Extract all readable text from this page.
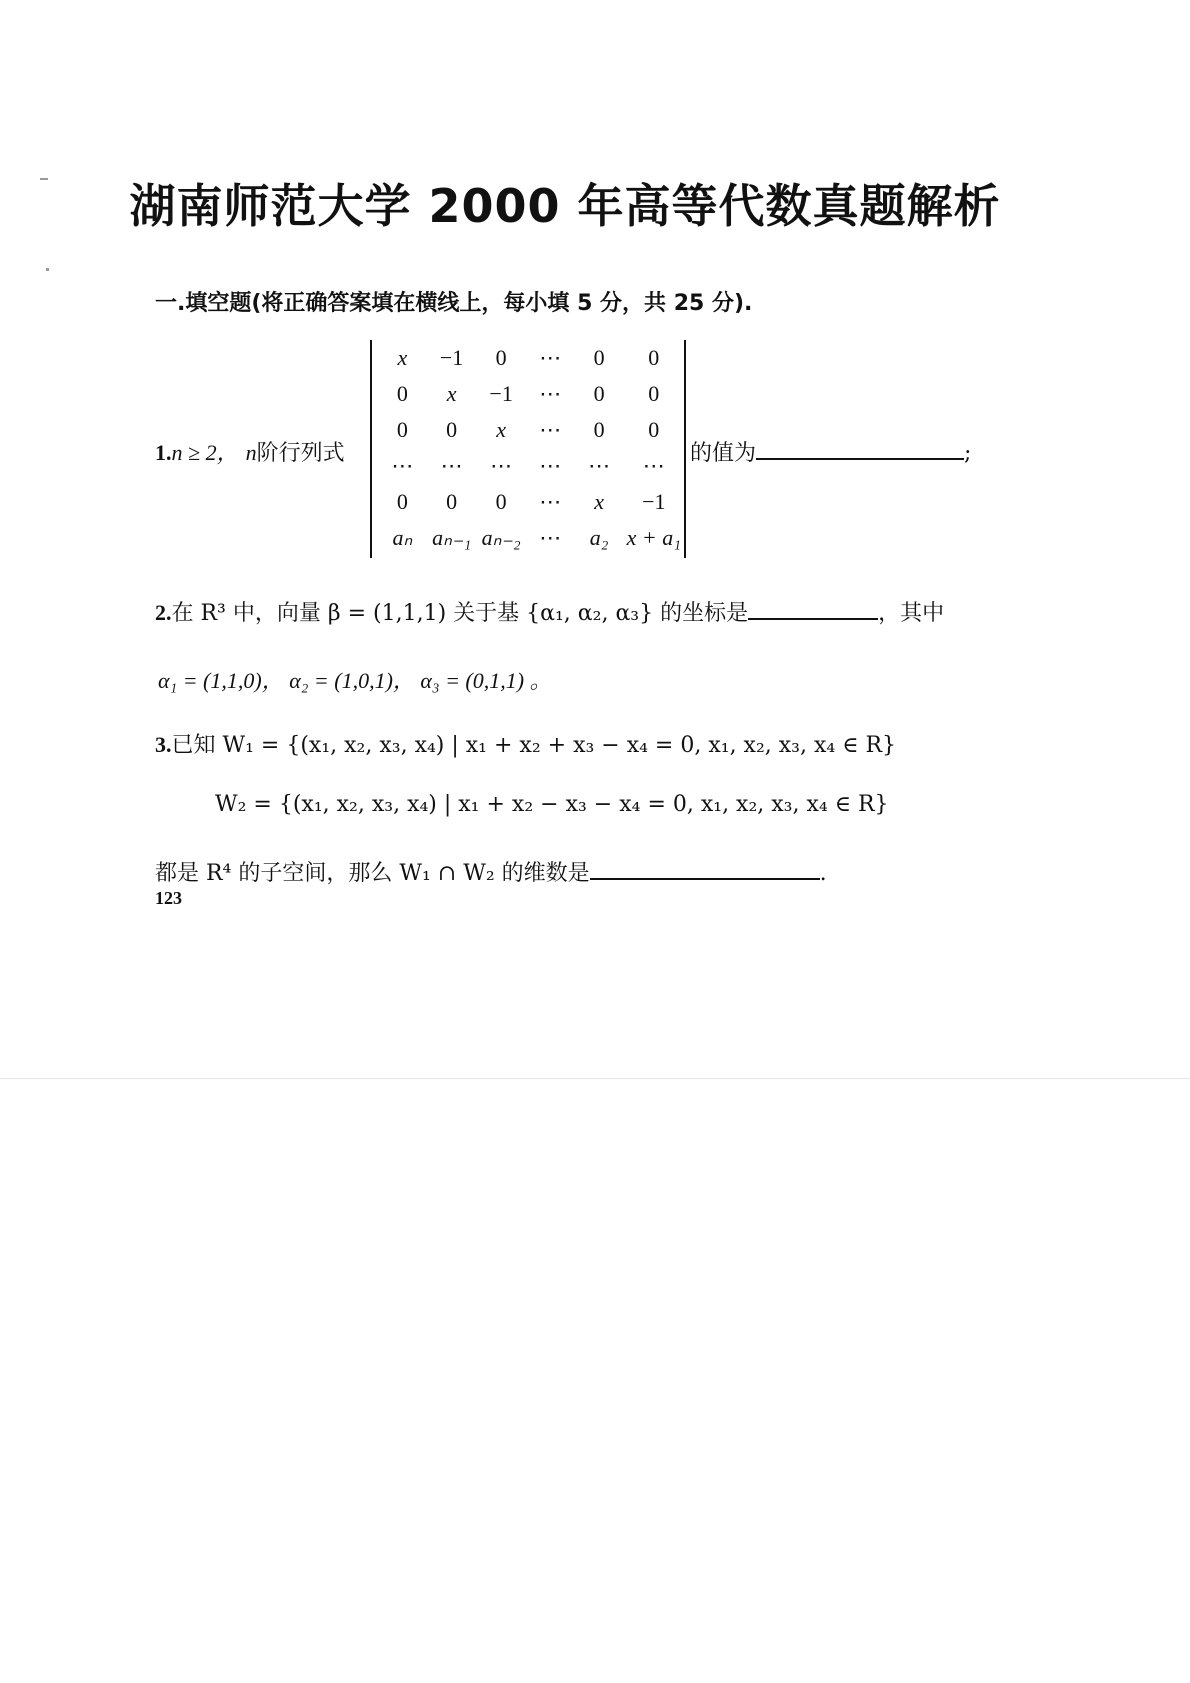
湖南师范大学 2000 年高等代数真题解析
一.填空题(将正确答案填在横线上，每小填 5 分，共 25 分).
1.n ≥ 2， n阶行列式
x	−1	0	⋯	0	0
0	x	−1	⋯	0	0
0	0	x	⋯	0	0
⋯	⋯	⋯	⋯	⋯	⋯
0	0	0	⋯	x	−1
aₙ	aₙ₋₁	aₙ₋₂	⋯	a₂	x + a₁
的值为	;
2.在 R³ 中，向量 β = (1,1,1) 关于基 {α₁, α₂, α₃} 的坐标是	，其中
α₁ = (1,1,0)， α₂ = (1,0,1)， α₃ = (0,1,1) 。
3.已知 W₁ = {(x₁, x₂, x₃, x₄) | x₁ + x₂ + x₃ − x₄ = 0, x₁, x₂, x₃, x₄ ∈ R}
W₂ = {(x₁, x₂, x₃, x₄) | x₁ + x₂ − x₃ − x₄ = 0, x₁, x₂, x₃, x₄ ∈ R}
都是 R⁴ 的子空间，那么 W₁ ∩ W₂ 的维数是	.
123
